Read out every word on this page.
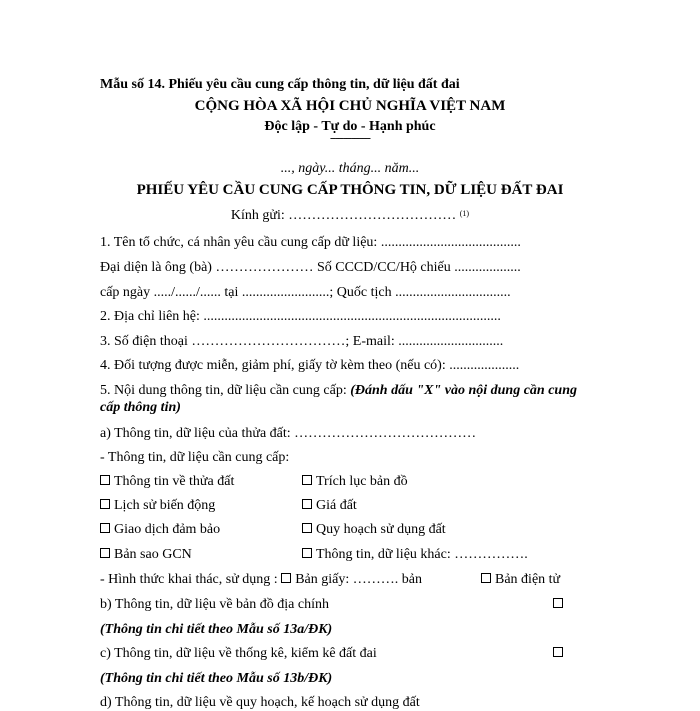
Mẫu số 14. Phiếu yêu cầu cung cấp thông tin, dữ liệu đất đai
CỘNG HÒA XÃ HỘI CHỦ NGHĨA VIỆT NAM
Độc lập - Tự do - Hạnh phúc
---------------
..., ngày... tháng... năm...
PHIẾU YÊU CẦU CUNG CẤP THÔNG TIN, DỮ LIỆU ĐẤT ĐAI
Kính gửi: ……………………………… $^{(1)}$
1. Tên tổ chức, cá nhân yêu cầu cung cấp dữ liệu: ........................................
Đại diện là ông (bà) ………………… Số CCCD/CC/Hộ chiếu ...................
cấp ngày ...../....../...... tại .........................; Quốc tịch .................................
2. Địa chỉ liên hệ: .....................................................................................
3. Số điện thoại ……………………………; E-mail: ..............................
4. Đối tượng được miễn, giảm phí, giấy tờ kèm theo (nếu có): ....................
5. Nội dung thông tin, dữ liệu cần cung cấp: (Đánh dấu "X" vào nội dung cần cung
cấp thông tin)
a) Thông tin, dữ liệu của thửa đất: …………………………………
- Thông tin, dữ liệu cần cung cấp:
Thông tin về thửa đất
Lịch sử biến động
Giao dịch đảm bảo
Bản sao GCN
Trích lục bản đồ
Giá đất
Quy hoạch sử dụng đất
Thông tin, dữ liệu khác: …………….
- Hình thức khai thác, sử dụng : Bản giấy: ………. bản	Bản điện tử
b) Thông tin, dữ liệu về bản đồ địa chính
(Thông tin chi tiết theo Mẫu số 13a/ĐK)
c) Thông tin, dữ liệu về thống kê, kiểm kê đất đai
(Thông tin chi tiết theo Mẫu số 13b/ĐK)
d) Thông tin, dữ liệu về quy hoạch, kế hoạch sử dụng đất
